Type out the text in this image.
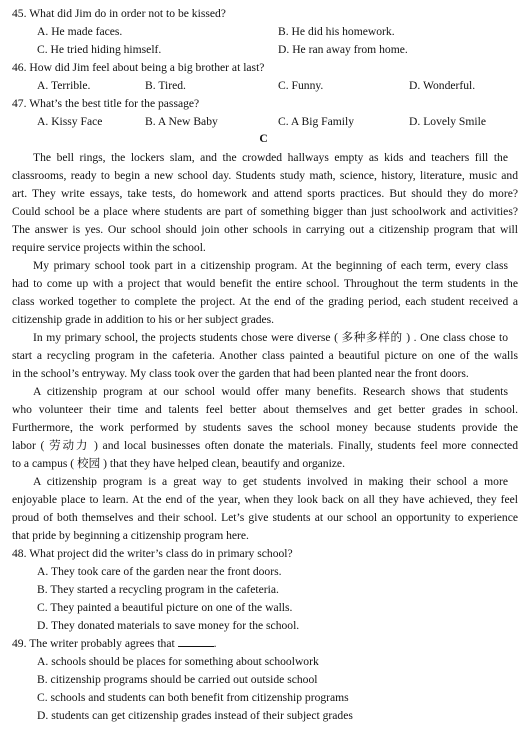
45. What did Jim do in order not to be kissed?
A. He made faces.	B. He did his homework.
C. He tried hiding himself.	D. He ran away from home.
46. How did Jim feel about being a big brother at last?
A. Terrible.	B. Tired.	C. Funny.	D. Wonderful.
47. What’s the best title for the passage?
A. Kissy Face	B. A New Baby	C. A Big Family	D. Lovely Smile
C
The bell rings, the lockers slam, and the crowded hallways empty as kids and teachers fill the
classrooms, ready to begin a new school day. Students study math, science, history, literature, music and
art. They write essays, take tests, do homework and attend sports practices. But should they do more?
Could school be a place where students are part of something bigger than just schoolwork and activities?
The answer is yes. Our school should join other schools in carrying out a citizenship program that will
require service projects within the school.
My primary school took part in a citizenship program. At the beginning of each term, every class
had to come up with a project that would benefit the entire school. Throughout the term students in the
class worked together to complete the project. At the end of the grading period, each student received a
citizenship grade in addition to his or her subject grades.
In my primary school, the projects students chose were diverse ( 多种多样的 ) . One class chose to
start a recycling program in the cafeteria. Another class painted a beautiful picture on one of the walls
in the school’s entryway. My class took over the garden that had been planted near the front doors.
A citizenship program at our school would offer many benefits. Research shows that students
who volunteer their time and talents feel better about themselves and get better grades in school.
Furthermore, the work performed by students saves the school money because students provide the
labor ( 劳动力 ) and local businesses often donate the materials. Finally, students feel more connected
to a campus ( 校园 ) that they have helped clean, beautify and organize.
A citizenship program is a great way to get students involved in making their school a more
enjoyable place to learn. At the end of the year, when they look back on all they have achieved, they feel
proud of both themselves and their school. Let’s give students at our school an opportunity to experience
that pride by beginning a citizenship program here.
48. What project did the writer’s class do in primary school?
A. They took care of the garden near the front doors.
B. They started a recycling program in the cafeteria.
C. They painted a beautiful picture on one of the walls.
D. They donated materials to save money for the school.
49. The writer probably agrees that	.
A. schools should be places for something about schoolwork
B. citizenship programs should be carried out outside school
C. schools and students can both benefit from citizenship programs
D. students can get citizenship grades instead of their subject grades
